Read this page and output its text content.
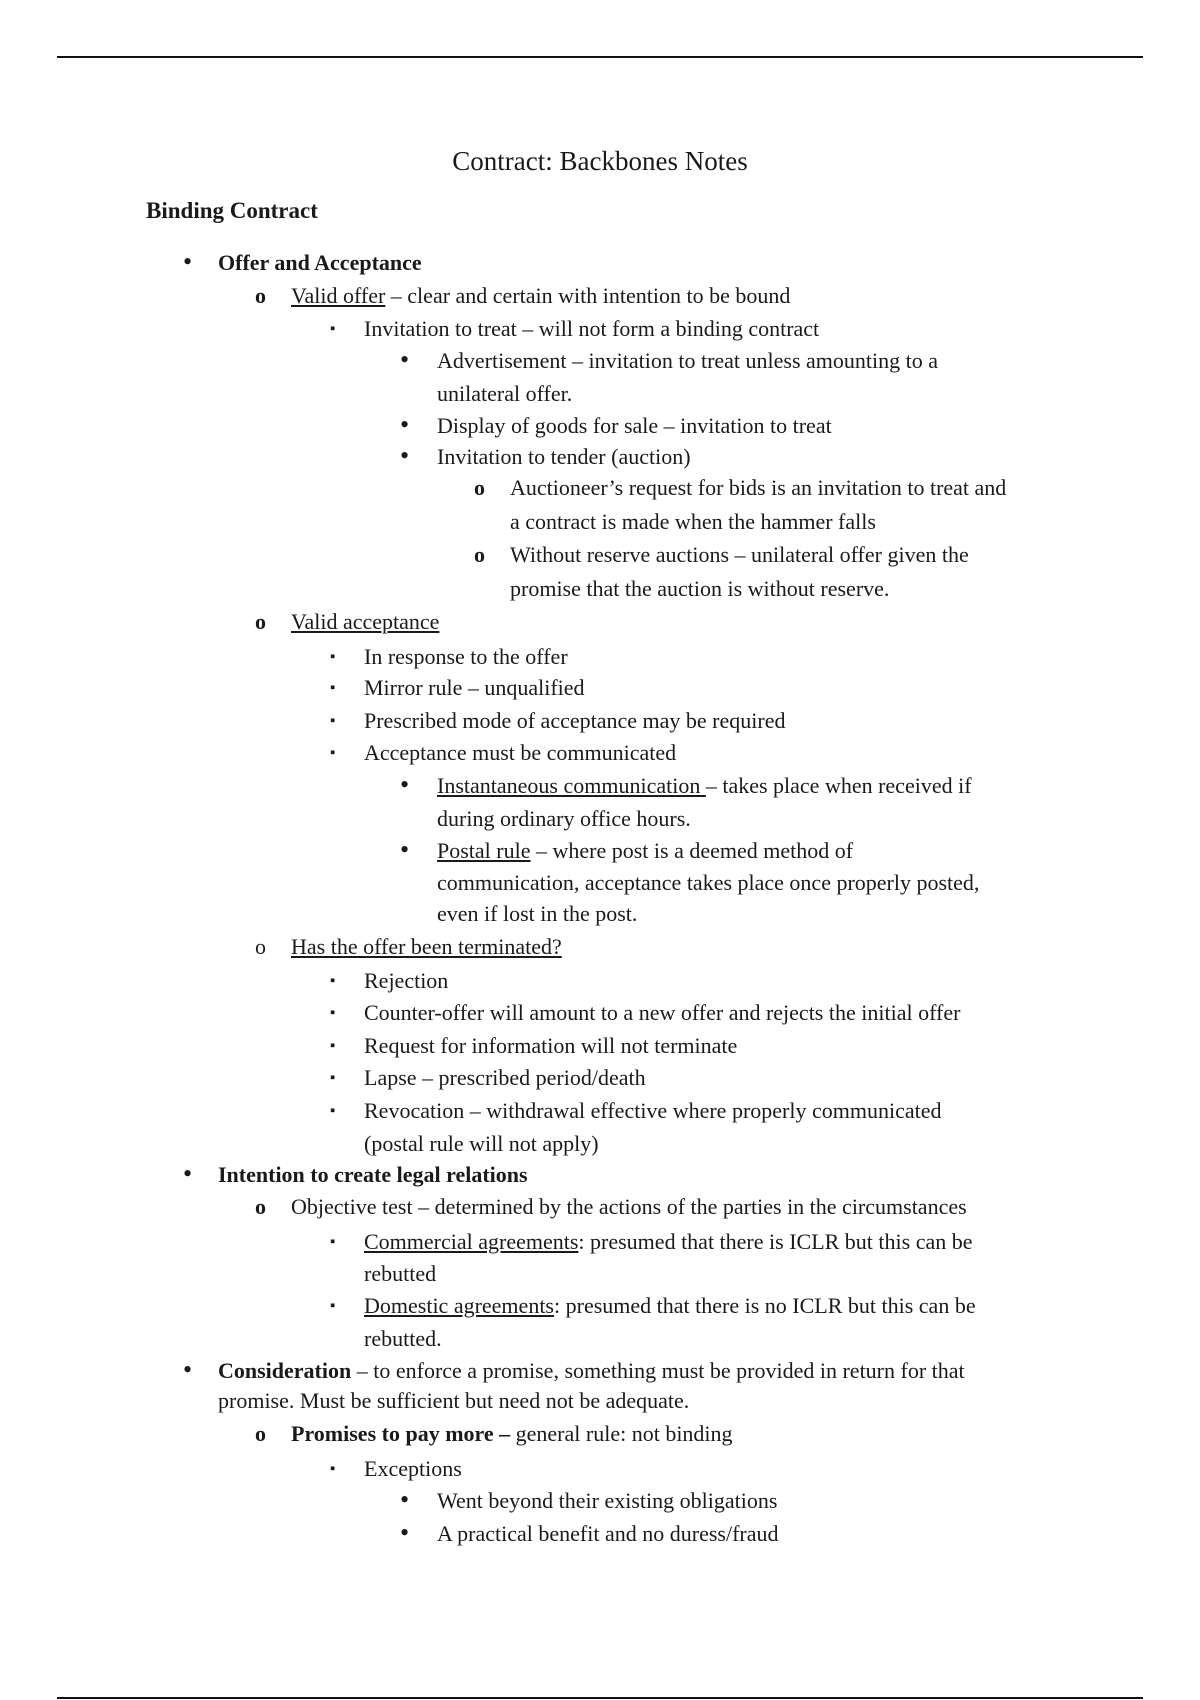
Contract: Backbones Notes
Binding Contract
• Offer and Acceptance
o Valid offer – clear and certain with intention to be bound
▪ Invitation to treat – will not form a binding contract
• Advertisement – invitation to treat unless amounting to a
unilateral offer.
• Display of goods for sale – invitation to treat
• Invitation to tender (auction)
o Auctioneer’s request for bids is an invitation to treat and
a contract is made when the hammer falls
o Without reserve auctions – unilateral offer given the
promise that the auction is without reserve.
o Valid acceptance
▪ In response to the offer
▪ Mirror rule – unqualified
▪ Prescribed mode of acceptance may be required
▪ Acceptance must be communicated
• Instantaneous communication – takes place when received if
during ordinary office hours.
• Postal rule – where post is a deemed method of
communication, acceptance takes place once properly posted,
even if lost in the post.
o Has the offer been terminated?
▪ Rejection
▪ Counter-offer will amount to a new offer and rejects the initial offer
▪ Request for information will not terminate
▪ Lapse – prescribed period/death
▪ Revocation – withdrawal effective where properly communicated
(postal rule will not apply)
• Intention to create legal relations
o Objective test – determined by the actions of the parties in the circumstances
▪ Commercial agreements: presumed that there is ICLR but this can be
rebutted
▪ Domestic agreements: presumed that there is no ICLR but this can be
rebutted.
• Consideration – to enforce a promise, something must be provided in return for that
promise. Must be sufficient but need not be adequate.
o Promises to pay more – general rule: not binding
▪ Exceptions
• Went beyond their existing obligations
• A practical benefit and no duress/fraud
